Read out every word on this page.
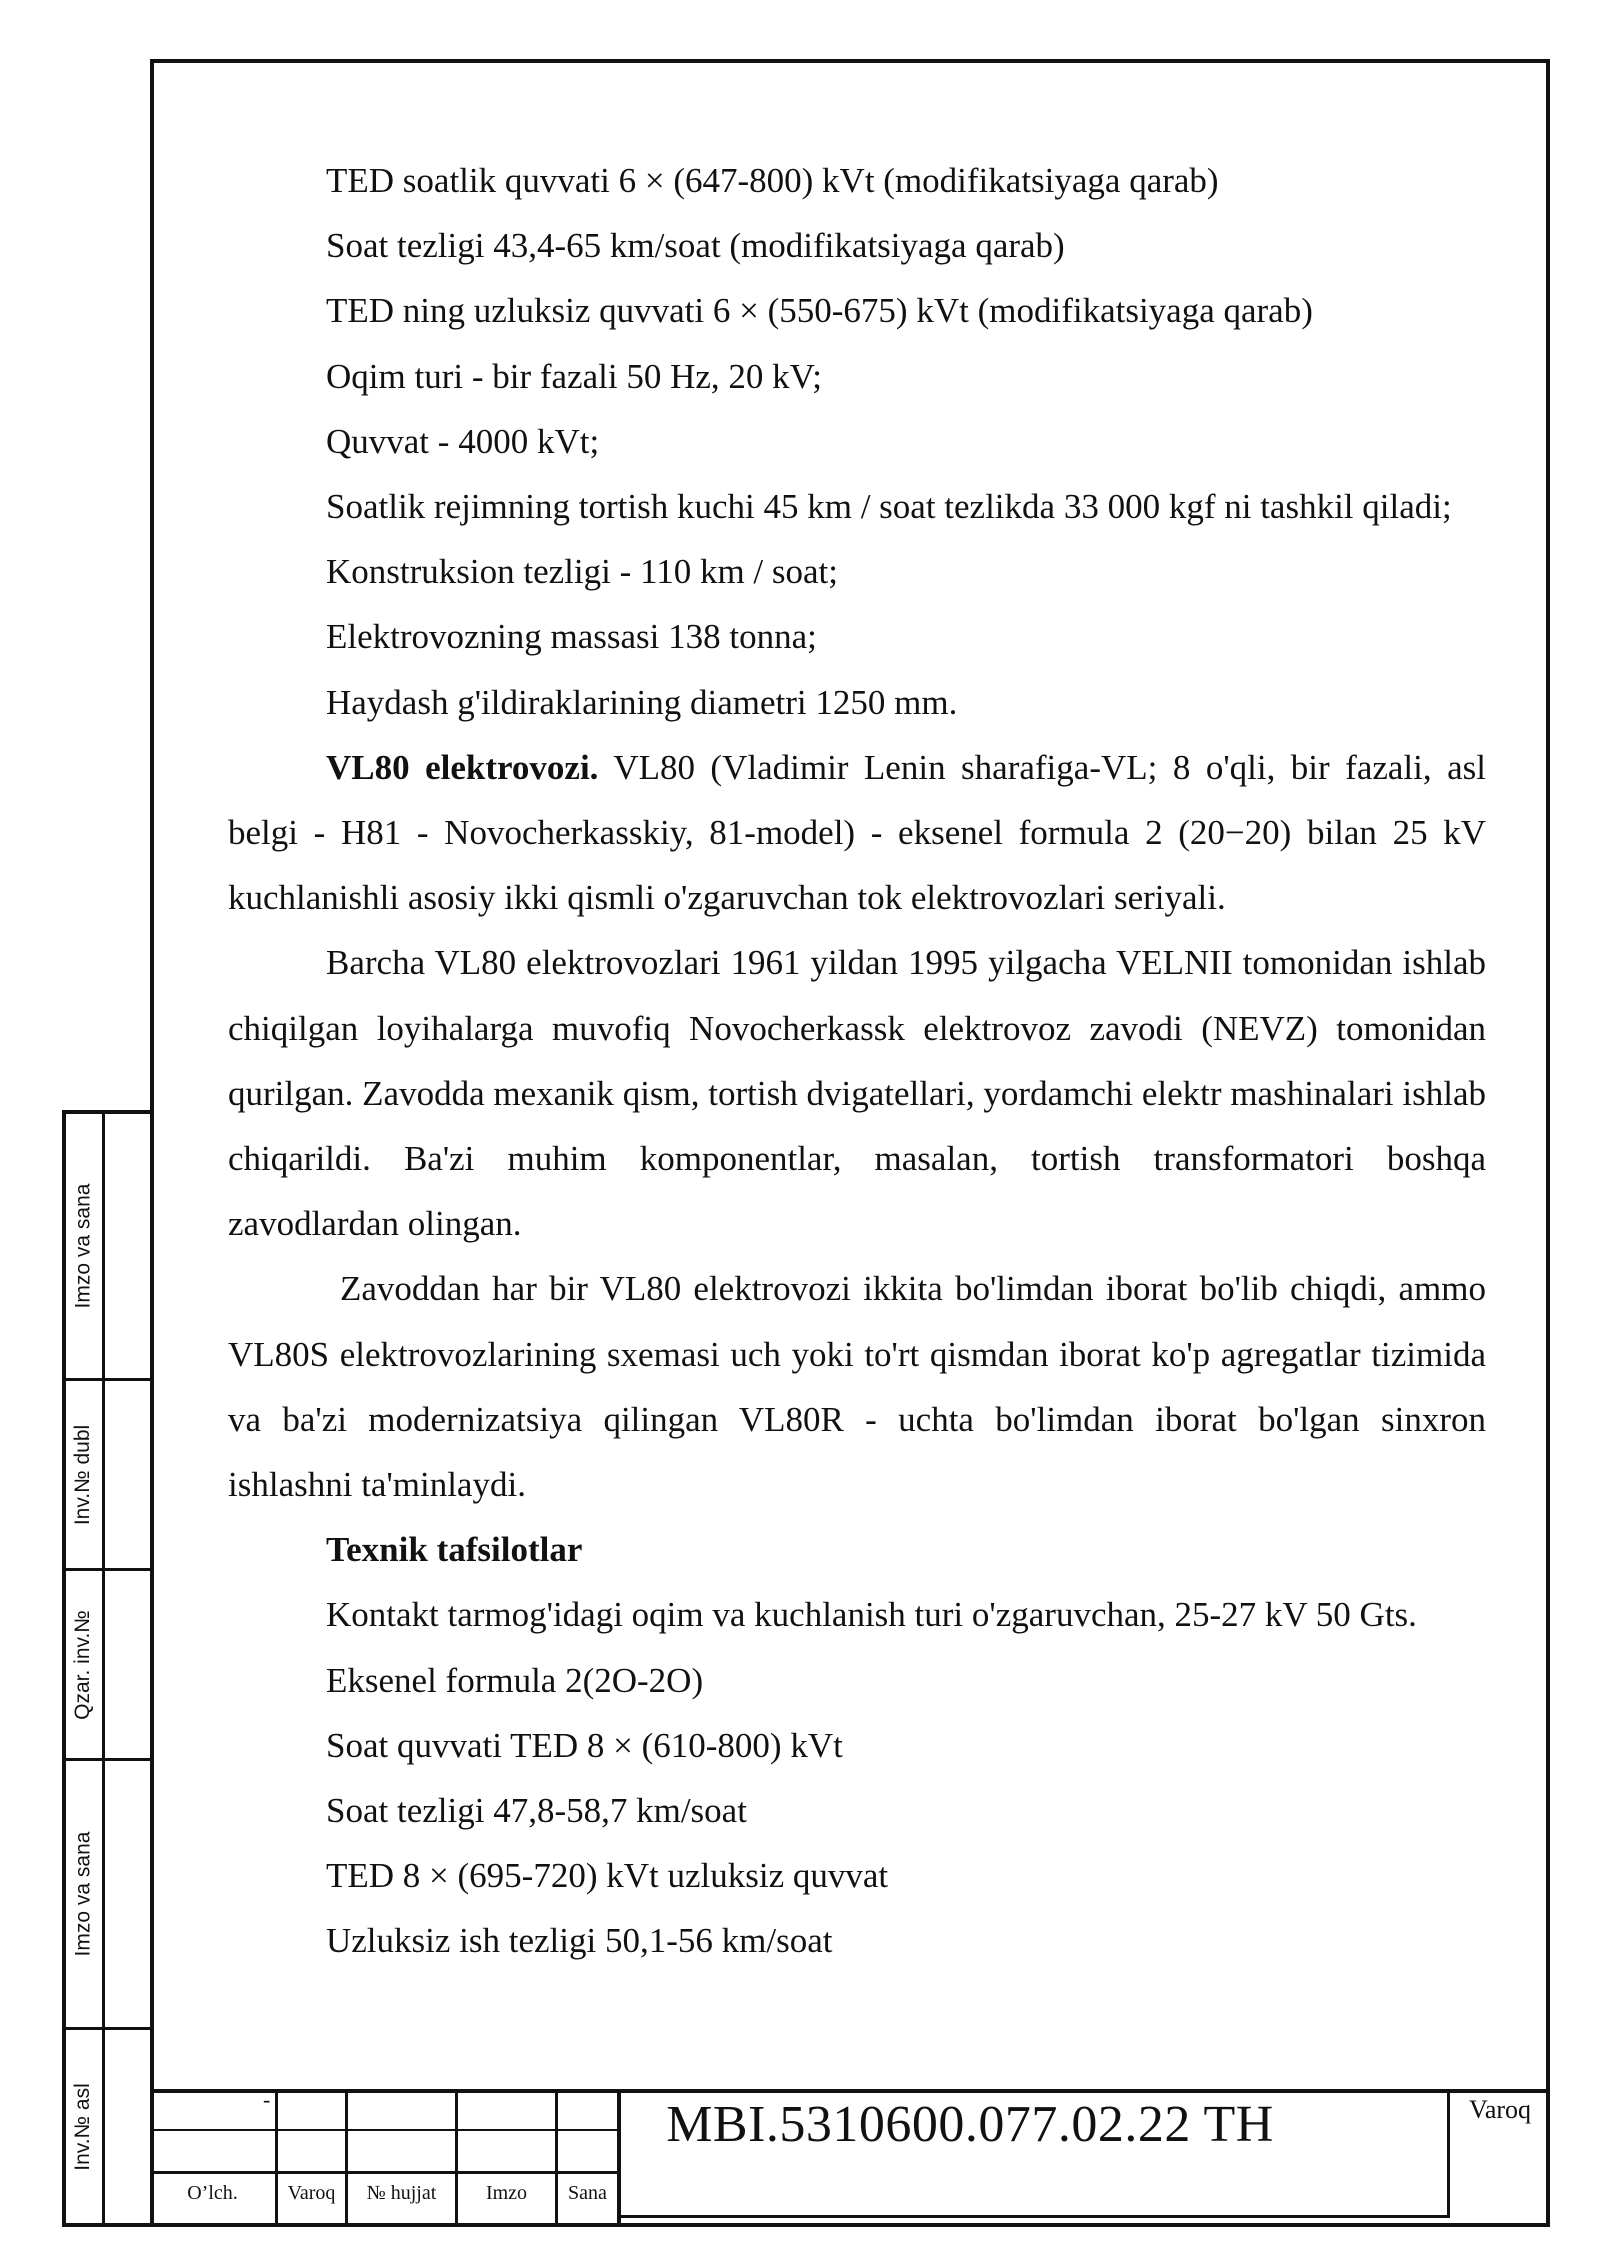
TED soatlik quvvati 6 × (647-800) kVt (modifikatsiyaga qarab)

Soat tezligi 43,4-65 km/soat (modifikatsiyaga qarab)

TED ning uzluksiz quvvati 6 × (550-675) kVt (modifikatsiyaga qarab)

Oqim turi - bir fazali 50 Hz, 20 kV;

Quvvat - 4000 kVt;

Soatlik rejimning tortish kuchi 45 km / soat tezlikda 33 000 kgf ni tashkil qiladi;

Konstruksion tezligi - 110 km / soat;

Elektrovozning massasi 138 tonna;

Haydash g'ildiraklarining diametri 1250 mm.

VL80 elektrovozi. VL80 (Vladimir Lenin sharafiga-VL; 8 o'qli, bir fazali, asl belgi - H81 - Novocherkasskiy, 81-model) - eksenel formula 2 (20−20) bilan 25 kV kuchlanishli asosiy ikki qismli o'zgaruvchan tok elektrovozlari seriyali.

Barcha VL80 elektrovozlari 1961 yildan 1995 yilgacha VELNII tomonidan ishlab chiqilgan loyihalarga muvofiq Novocherkassk elektrovoz zavodi (NEVZ) tomonidan qurilgan. Zavodda mexanik qism, tortish dvigatellari, yordamchi elektr mashinalari ishlab chiqarildi. Ba'zi muhim komponentlar, masalan, tortish transformatori boshqa zavodlardan olingan.

Zavoddan har bir VL80 elektrovozi ikkita bo'limdan iborat bo'lib chiqdi, ammo VL80S elektrovozlarining sxemasi uch yoki to'rt qismdan iborat ko'p agregatlar tizimida va ba'zi modernizatsiya qilingan VL80R - uchta bo'limdan iborat bo'lgan sinxron ishlashni ta'minlaydi.

Texnik tafsilotlar

Kontakt tarmog'idagi oqim va kuchlanish turi o'zgaruvchan, 25-27 kV 50 Gts.

Eksenel formula 2(2O-2O)

Soat quvvati TED 8 × (610-800) kVt

Soat tezligi 47,8-58,7 km/soat

TED 8 × (695-720) kVt uzluksiz quvvat

Uzluksiz ish tezligi 50,1-56 km/soat

Imzo va sana
Inv.№ dubl
Qzar. inv.№
Imzo va sana
Inv.№ asl	-
O’lch.	Varoq	№ hujjat	Imzo	Sana
MBI.5310600.077.02.22 TH	Varoq
